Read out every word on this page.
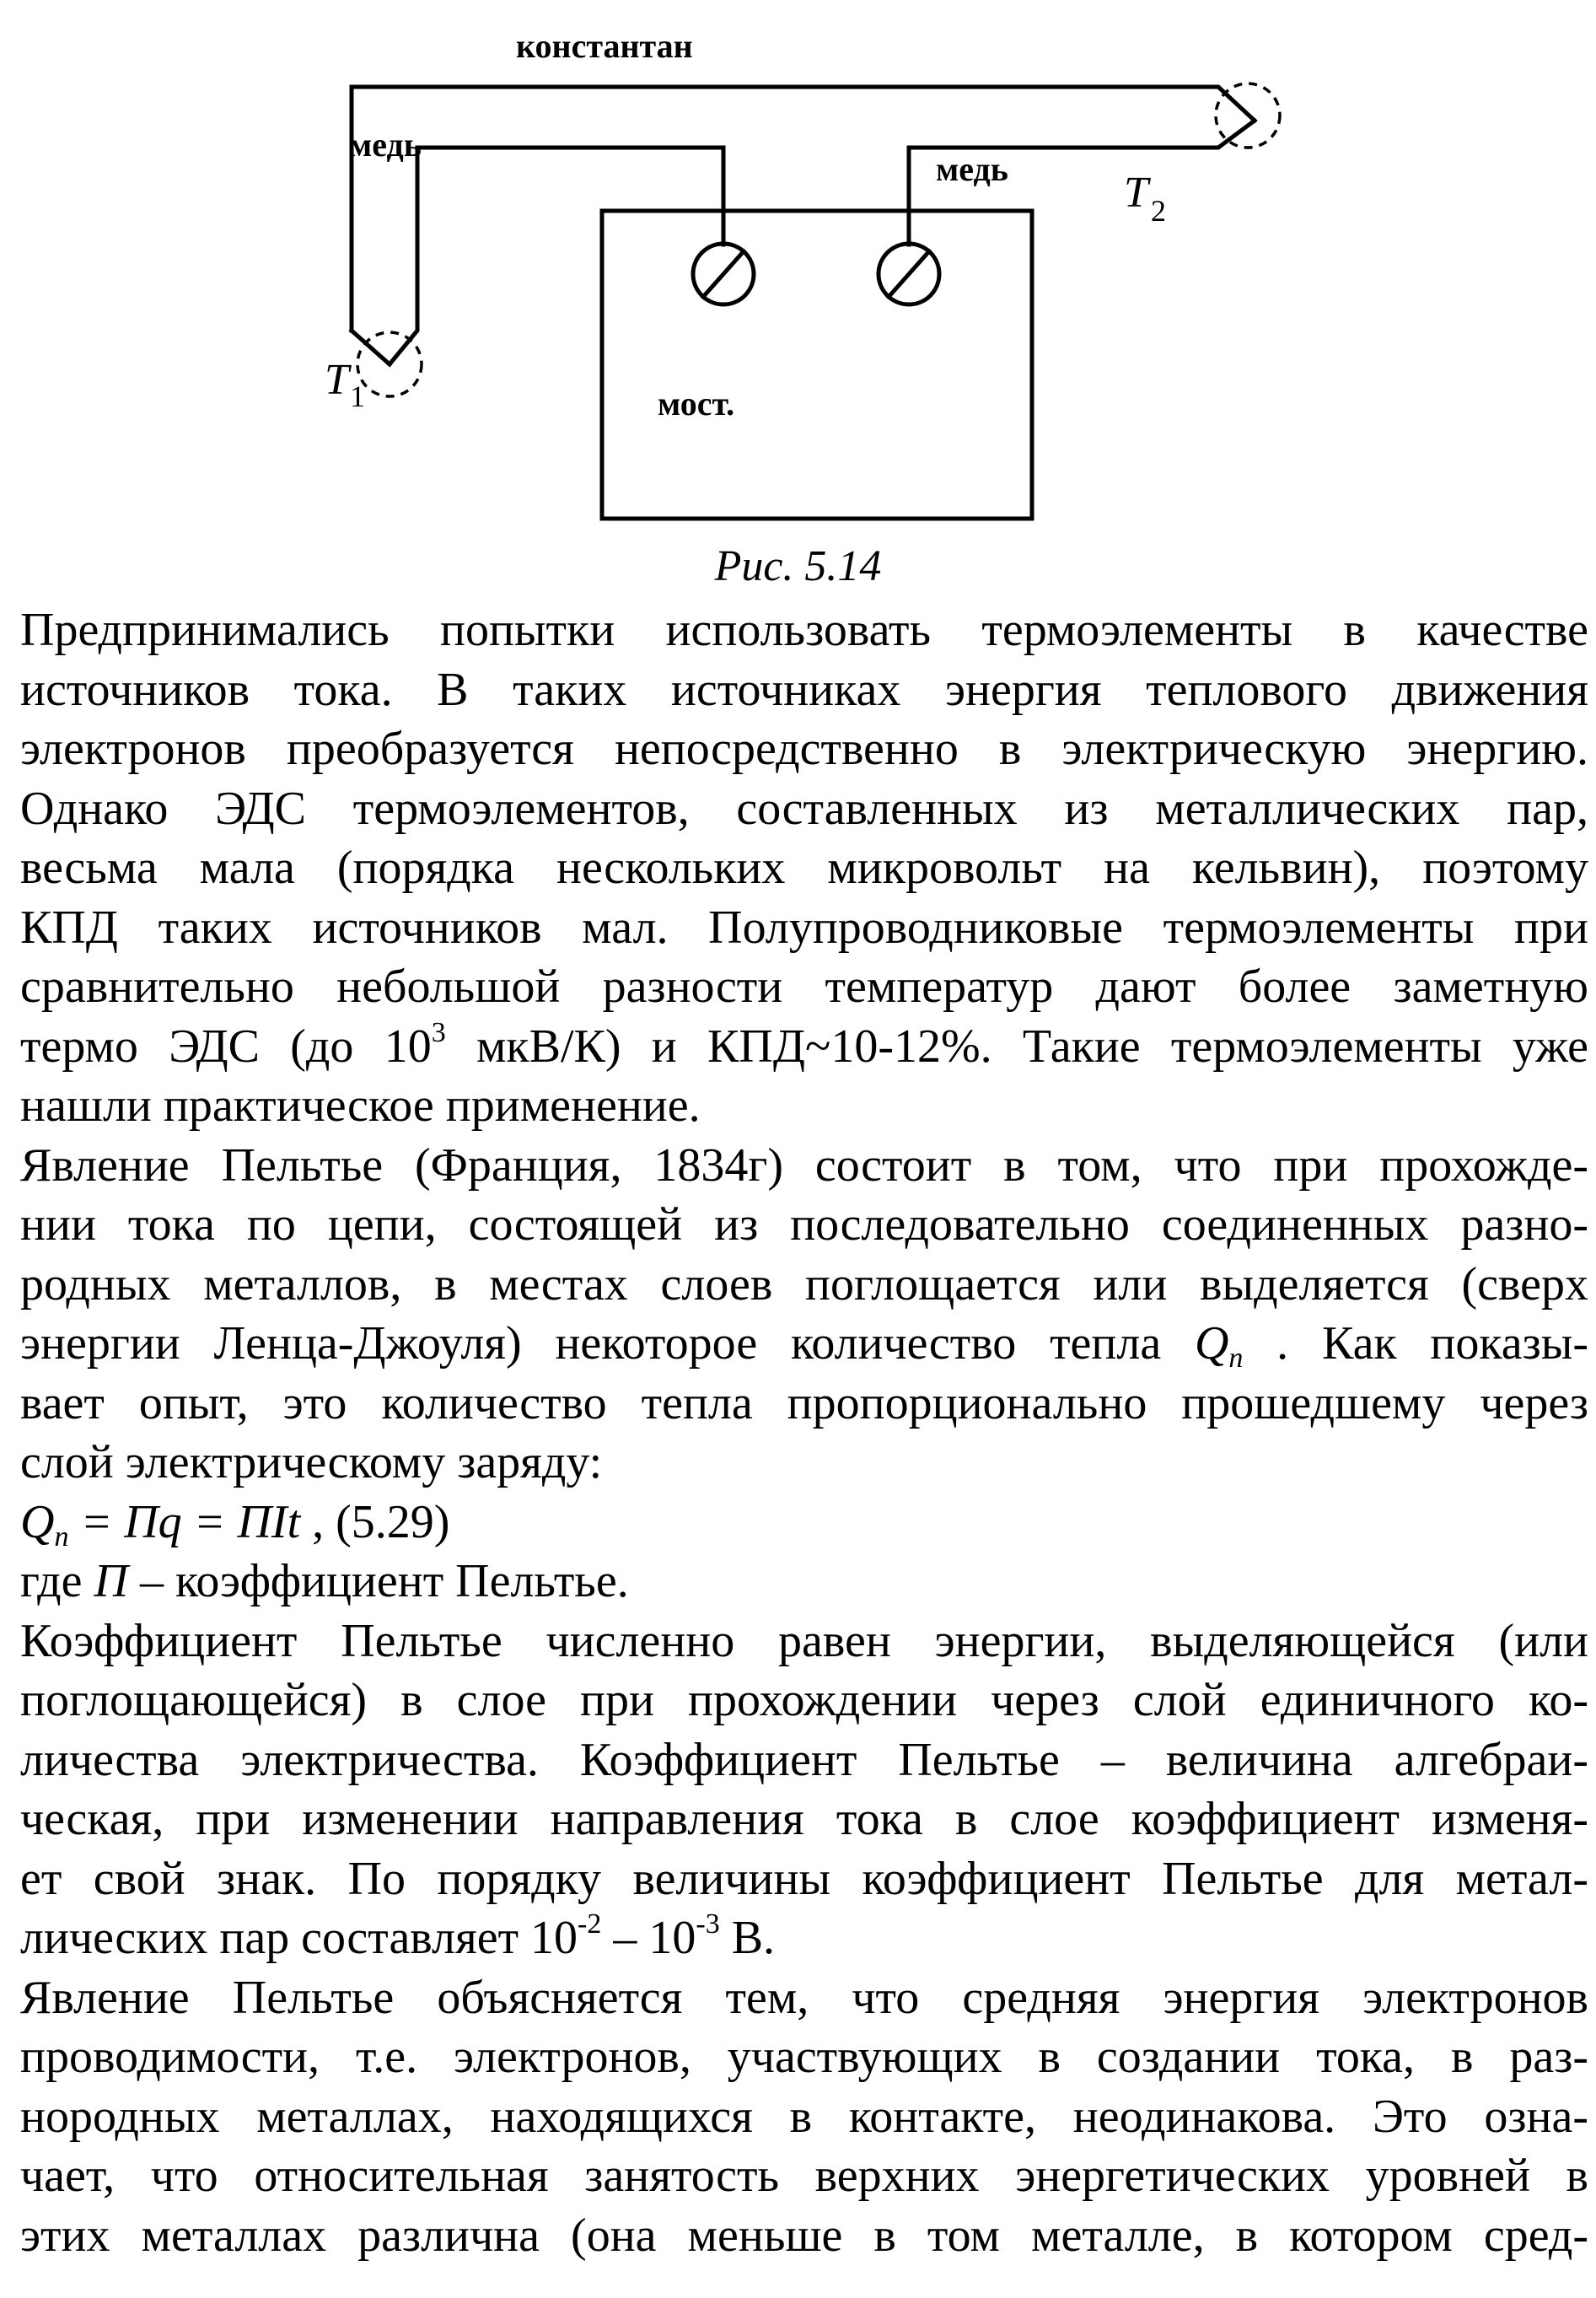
константан
медь
медь
мост.
T 1
T 2
Рис. 5.14
Предпринимались попытки использовать термоэлементы в качестве
источников тока. В таких источниках энергия теплового движения
электронов преобразуется непосредственно в электрическую энергию.
Однако ЭДС термоэлементов, составленных из металлических пар,
весьма мала (порядка нескольких микровольт на кельвин), поэтому
КПД таких источников мал. Полупроводниковые термоэлементы при
сравнительно небольшой разности температур дают более заметную
термо ЭДС (до $10^3$ мкВ/К) и КПД~10-12%. Такие термоэлементы уже
нашли практическое применение.
Явление Пельтье (Франция, 1834г) состоит в том, что при прохожде-
нии тока по цепи, состоящей из последовательно соединенных разно-
родных металлов, в местах слоев поглощается или выделяется (сверх
энергии Ленца-Джоуля) некоторое количество тепла $Q_n$ . Как показы-
вает опыт, это количество тепла пропорционально прошедшему через
слой электрическому заряду:
$Q_n$ = Пq = ПIt , (5.29)
где П – коэффициент Пельтье.
Коэффициент Пельтье численно равен энергии, выделяющейся (или
поглощающейся) в слое при прохождении через слой единичного ко-
личества электричества. Коэффициент Пельтье – величина алгебраи-
ческая, при изменении направления тока в слое коэффициент изменя-
ет свой знак. По порядку величины коэффициент Пельтье для метал-
лических пар составляет $10^{-2} - 10^{-3}$ В.
Явление Пельтье объясняется тем, что средняя энергия электронов
проводимости, т.е. электронов, участвующих в создании тока, в раз-
нородных металлах, находящихся в контакте, неодинакова. Это озна-
чает, что относительная занятость верхних энергетических уровней в
этих металлах различна (она меньше в том металле, в котором сред-
